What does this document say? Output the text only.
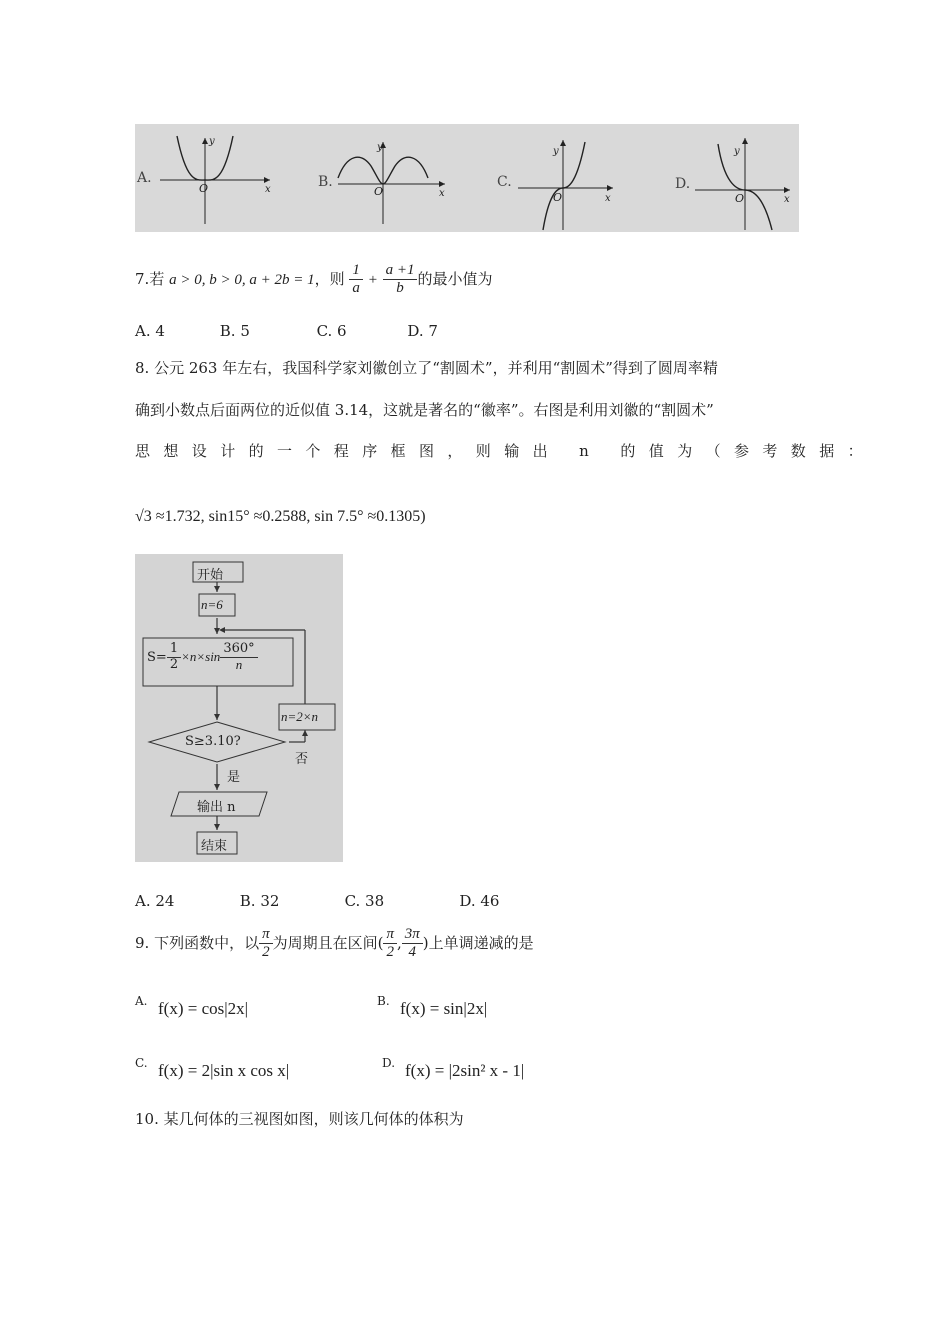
A.
O
y
x	B.
O
y
x
C.
O
y
x
D.
O
y
x
7.若 a > 0, b > 0, a + 2b = 1，则 $\frac{1}{a} + \frac{a +1}{b}$ 的最小值为
A. 4	B. 5	C. 6	D. 7
8. 公元 263 年左右，我国科学家刘徽创立了“割圆术”，并利用“割圆术”得到了圆周率精
确到小数点后面两位的近似值 3.14，这就是著名的“徽率”。右图是利用刘徽的“割圆术”
思想设计的一个程序框图，则输出 n 的值为（参考数据：
√3 ≈1.732, sin15° ≈0.2588, sin 7.5° ≈0.1305)
开始
n=6
$S= \frac{1}{2} \times n\times\sin \frac{360^\circ}{n}$
n=2×n
S≥3.10?
否
是
输出 n
结束
A. 24	B. 32	C. 38	D. 46
9. 下列函数中，以 $\frac{\pi}{2}$ 为周期且在区间( $\frac{\pi}{2}$ , $\frac{3\pi}{4}$ )上单调递减的是
A. f(x) = cos|2x|	B. f(x) = sin|2x|
C. f(x) = 2|sin x cos x|	D. f(x) = |2sin² x - 1|
10. 某几何体的三视图如图，则该几何体的体积为
